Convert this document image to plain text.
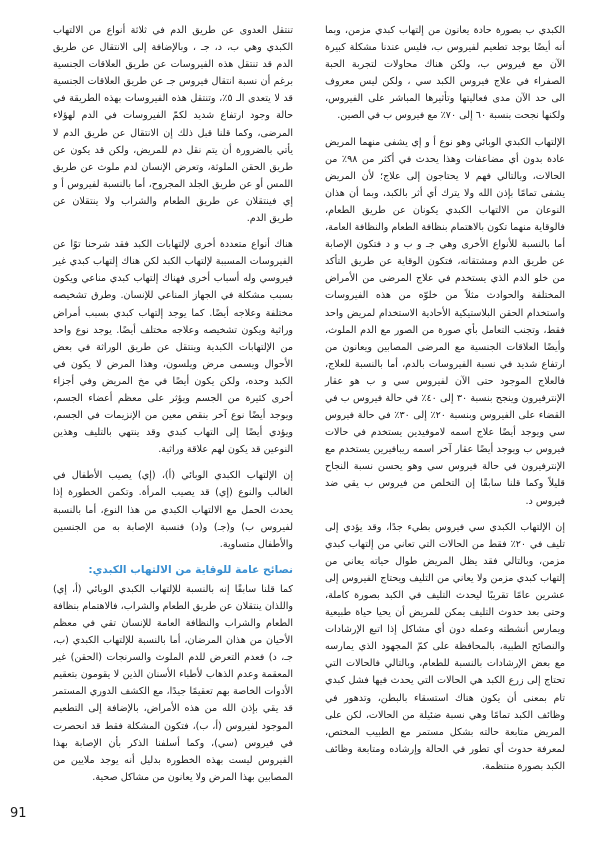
الكبدي ب بصورة حادة يعانون من إلتهاب كبدي مزمن، وبما أنه أيضًا يوجد تطعيم لفيروس ب، فليس عندنا مشكلة كبيرة الآن مع فيروس ب، ولكن هناك محاولات لتجربة الحبة الصفراء في علاج فيروس الكبد سي ، ولكن ليس معروف الى حد الآن مدى فعاليتها وتأثيرها المباشر على الفيروس، ولكنها نجحت بنسبة ٦٠ إلى ٧٠٪ مع فيروس ب في الصين.

الإلتهاب الكبدي الوبائي وهو نوع أ و إي يشفى منهما المريض عادة بدون أي مضاعفات وهذا يحدث في أكثر من ٩٨٪ من الحالات، وبالتالي فهم لا يحتاجون إلى علاج؛ لأن المريض يشفى تمامًا بإذن الله ولا يترك أي أثر بالكبد، وبما أن هذان النوعان من الالتهاب الكبدي يكونان عن طريق الطعام، فالوقاية منهما تكون بالاهتمام بنظافة الطعام والنظافة العامة، أما بالنسبة للأنواع الأخرى وهي جـ و ب و د فتكون الإصابة عن طريق الدم ومشتقاته، فتكون الوقاية عن طريق التأكد من خلو الدم الذي يستخدم في علاج المرضى من الأمراض المختلفة والحوادث مثلاً من خلوّه من هذه الفيروسات واستخدام الحقن البلاستيكية الأحادية الاستخدام لمريض واحد فقط، وتجنب التعامل بأي صورة من الصور مع الدم الملوث، وأيضًا العلاقات الجنسية مع المرضى المصابين ويعانون من ارتفاع شديد في نسبة الفيروسات بالدم، أما بالنسبة للعلاج، فالعلاج الموجود حتى الآن لفيروس سي و ب هو عقار الإنترفيرون وينجح بنسبة ٣٠ إلى ٤٠٪ في حالة فيروس ب في القضاء على الفيروس وبنسبة ٢٠٪ إلى ٣٠٪ في حالة فيروس سي ويوجد أيضًا علاج اسمه لاموفيدين يستخدم في حالات فيروس ب ويوجد أيضًا عقار آخر اسمه ريبافيرين يستخدم مع الإنترفيرون في حالة فيروس سي وهو يحسن نسبة النجاح قليلاً وكما قلنا سابقًا إن التخلص من فيروس ب يقي ضد فيروس د.

إن الإلتهاب الكبدي سي فيروس بطيء جدًا، وقد يؤدي إلى تليف في ٢٠٪ فقط من الحالات التي تعاني من إلتهاب كبدي مزمن، وبالتالي فقد يظل المريض طوال حياته يعاني من إلتهاب كبدي مزمن ولا يعاني من التليف ويحتاج الفيروس إلى عشرين عامًا تقريبًا ليحدث التليف في الكبد بصورة كاملة، وحتى بعد حدوث التليف يمكن للمريض أن يحيا حياة طبيعية ويمارس أنشطته وعمله دون أي مشاكل إذا اتبع الإرشادات والنصائح الطبية، بالمحافظة على كمّ المجهود الذي يمارسه مع بعض الإرشادات بالنسبة للطعام، وبالتالي فالحالات التي تحتاج إلى زرع الكبد هي الحالات التي يحدث فيها فشل كبدي تام بمعنى أن يكون هناك استسقاء بالبطن، وتدهور في وظائف الكبد تمامًا وهي نسبة ضئيلة من الحالات، لكن على المريض متابعة حالته بشكل مستمر مع الطبيب المختص، لمعرفة حدوث أي تطور في الحالة وإرشاده ومتابعة وظائف الكبد بصورة منتظمة.

تنتقل العدوى عن طريق الدم في ثلاثة أنواع من الالتهاب الكبدي وهي ب، د، جـ ، وبالإضافة إلى الانتقال عن طريق الدم قد تنتقل هذه الفيروسات عن طريق العلاقات الجنسية برغم أن نسبة انتقال فيروس جـ عن طريق العلاقات الجنسية قد لا يتعدى الـ ٥٪، وتنتقل هذه الفيروسات بهذه الطريقة في حالة وجود ارتفاع شديد لكمّ الفيروسات في الدم لهؤلاء المرضى، وكما قلنا قبل ذلك إن الانتقال عن طريق الدم لا يأتي بالضرورة أن يتم نقل دم للمريض، ولكن قد يكون عن طريق الحقن الملوثة، وتعرض الإنسان لدم ملوث عن طريق اللمس أو عن طريق الجلد المجروح، أما بالنسبة لفيروس أ و إي فينتقلان عن طريق الطعام والشراب ولا ينتقلان عن طريق الدم.

هناك أنواع متعددة أخرى لإلتهابات الكبد فقد شرحنا توًا عن الفيروسات المسببة لإلتهاب الكبد لكن هناك إلتهاب كبدي غير فيروسي وله أسباب أخرى فهناك إلتهاب كبدي مناعي ويكون بسبب مشكلة في الجهاز المناعي للإنسان. وطرق تشخيصه مختلفة وعلاجه أيضًا. كما يوجد إلتهاب كبدي بسبب أمراض وراثية ويكون تشخيصه وعلاجه مختلف أيضًا. يوجد نوع واحد من الإلتهابات الكبدية وينتقل عن طريق الوراثة في بعض الأحوال ويسمى مرض ويلسون، وهذا المرض لا يكون في الكبد وحده، ولكن يكون أيضًا في مخ المريض وفي أجزاء أخرى كثيرة من الجسم ويؤثر على معظم أعضاء الجسم، ويوجد أيضًا نوع آخر بنقص معين من الإنزيمات في الجسم، ويؤدي أيضًا إلى التهاب كبدي وقد ينتهي بالتليف وهذين النوعين قد يكون لهم علاقة وراثية.

إن الإلتهاب الكبدي الوبائي (أ)، (إي) يصيب الأطفال في الغالب والنوع (إي) قد يصيب المرأة. وتكمن الخطورة إذا يحدث الحمل مع الالتهاب الكبدي من هذا النوع، أما بالنسبة لفيروس ب) و(جـ) و(د) فنسبة الإصابة به من الجنسين والأطفال متساوية.

نصائح عامة للوقاية من الالتهاب الكبدي:

كما قلنا سابقًا إنه بالنسبة للإلتهاب الكبدي الوبائي (أ، إي) واللذان ينتقلان عن طريق الطعام والشراب، فالاهتمام بنظافة الطعام والشراب والنظافة العامة للإنسان تقي في معظم الأحيان من هذان المرضان، أما بالنسبة للإلتهاب الكبدي (ب، جـ، د) فعدم التعرض للدم الملوث والسرنجات (الحقن) غير المعقمة وعدم الذهاب لأطباء الأسنان الذين لا يقومون بتعقيم الأدوات الخاصة بهم تعقيمًا جيدًا، مع الكشف الدوري المستمر قد يقي بإذن الله من هذه الأمراض، بالإضافة إلى التطعيم الموجود لفيروس (أ، ب)، فتكون المشكلة فقط قد انحصرت في فيروس (سي)، وكما أسلفنا الذكر بأن الإصابة بهذا الفيروس ليست بهذه الخطورة بدليل أنه يوجد ملايين من المصابين بهذا المرض ولا يعانون من مشاكل صحية.

91
